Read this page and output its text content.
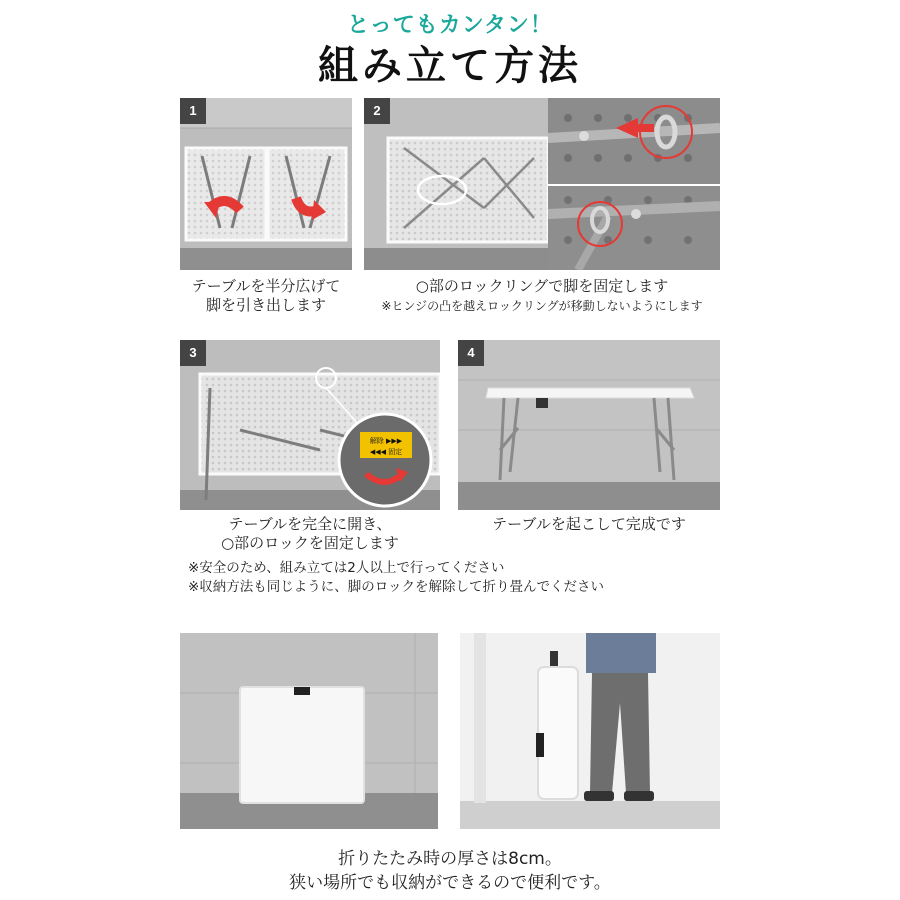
とってもカンタン！
組み立て方法
1	2
テーブルを半分広げて
脚を引き出します
○部のロックリングで脚を固定します
※ヒンジの凸を越えロックリングが移動しないようにします
解除 ▶▶▶
◀◀◀ 固定
3	4
テーブルを完全に開き、
○部のロックを固定します
テーブルを起こして完成です
※安全のため、組み立ては2人以上で行ってください
※収納方法も同じように、脚のロックを解除して折り畳んでください
折りたたみ時の厚さは8cm。
狭い場所でも収納ができるので便利です。
